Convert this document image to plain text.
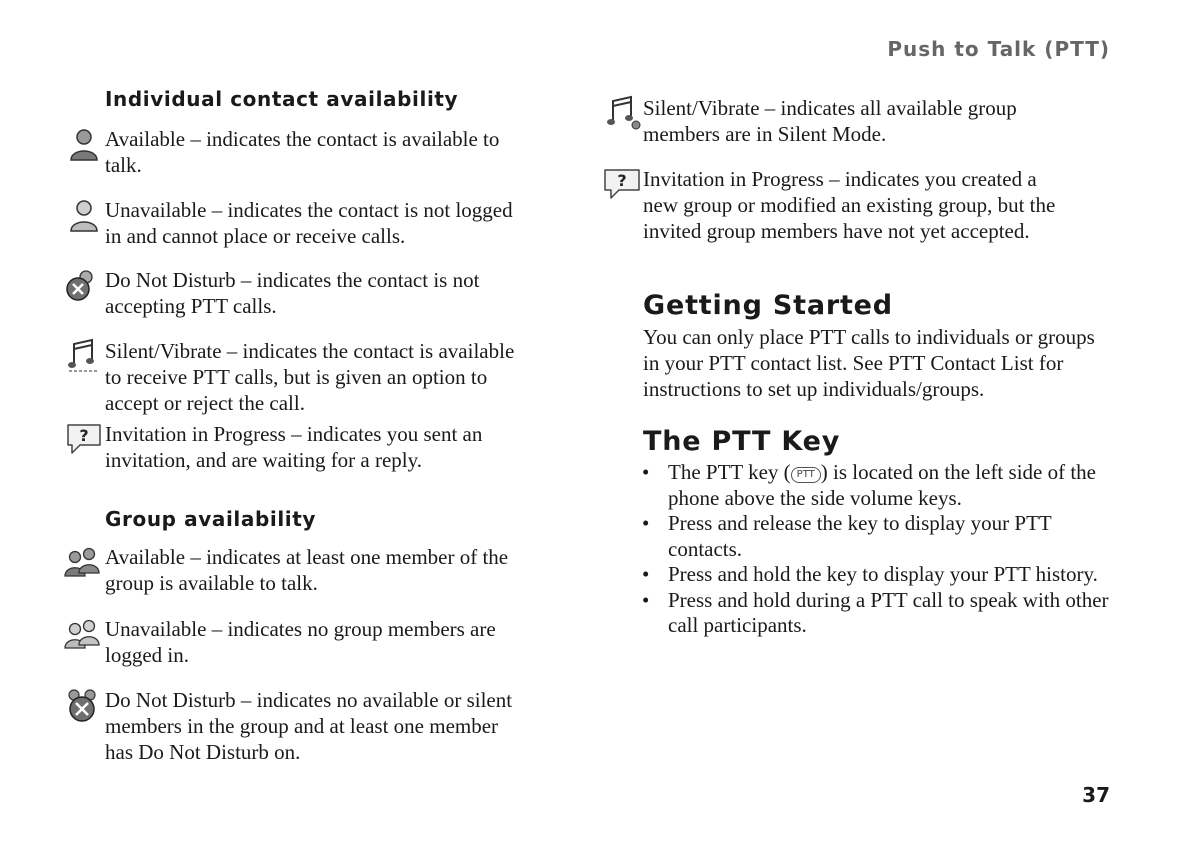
Push to Talk (PTT)
Individual contact availability

Available – indicates the contact is available to talk.

Unavailable – indicates the contact is not logged in and cannot place or receive calls.

Do Not Disturb – indicates the contact is not accepting PTT calls.

Silent/Vibrate – indicates the contact is available to receive PTT calls, but is given an option to accept or reject the call.

? Invitation in Progress – indicates you sent an invitation, and are waiting for a reply.

Group availability

Available – indicates at least one member of the group is available to talk.

Unavailable – indicates no group members are logged in.

Do Not Disturb – indicates no available or silent members in the group and at least one member has Do Not Disturb on.

Silent/Vibrate – indicates all available group members are in Silent Mode.

? Invitation in Progress – indicates you created a new group or modified an existing group, but the invited group members have not yet accepted.

Getting Started

You can only place PTT calls to individuals or groups in your PTT contact list. See PTT Contact List for instructions to set up individuals/groups.

The PTT Key
• The PTT key ( PTT ) is located on the left side of the phone above the side volume keys.
• Press and release the key to display your PTT contacts.
• Press and hold the key to display your PTT history.
• Press and hold during a PTT call to speak with other call participants.
37
